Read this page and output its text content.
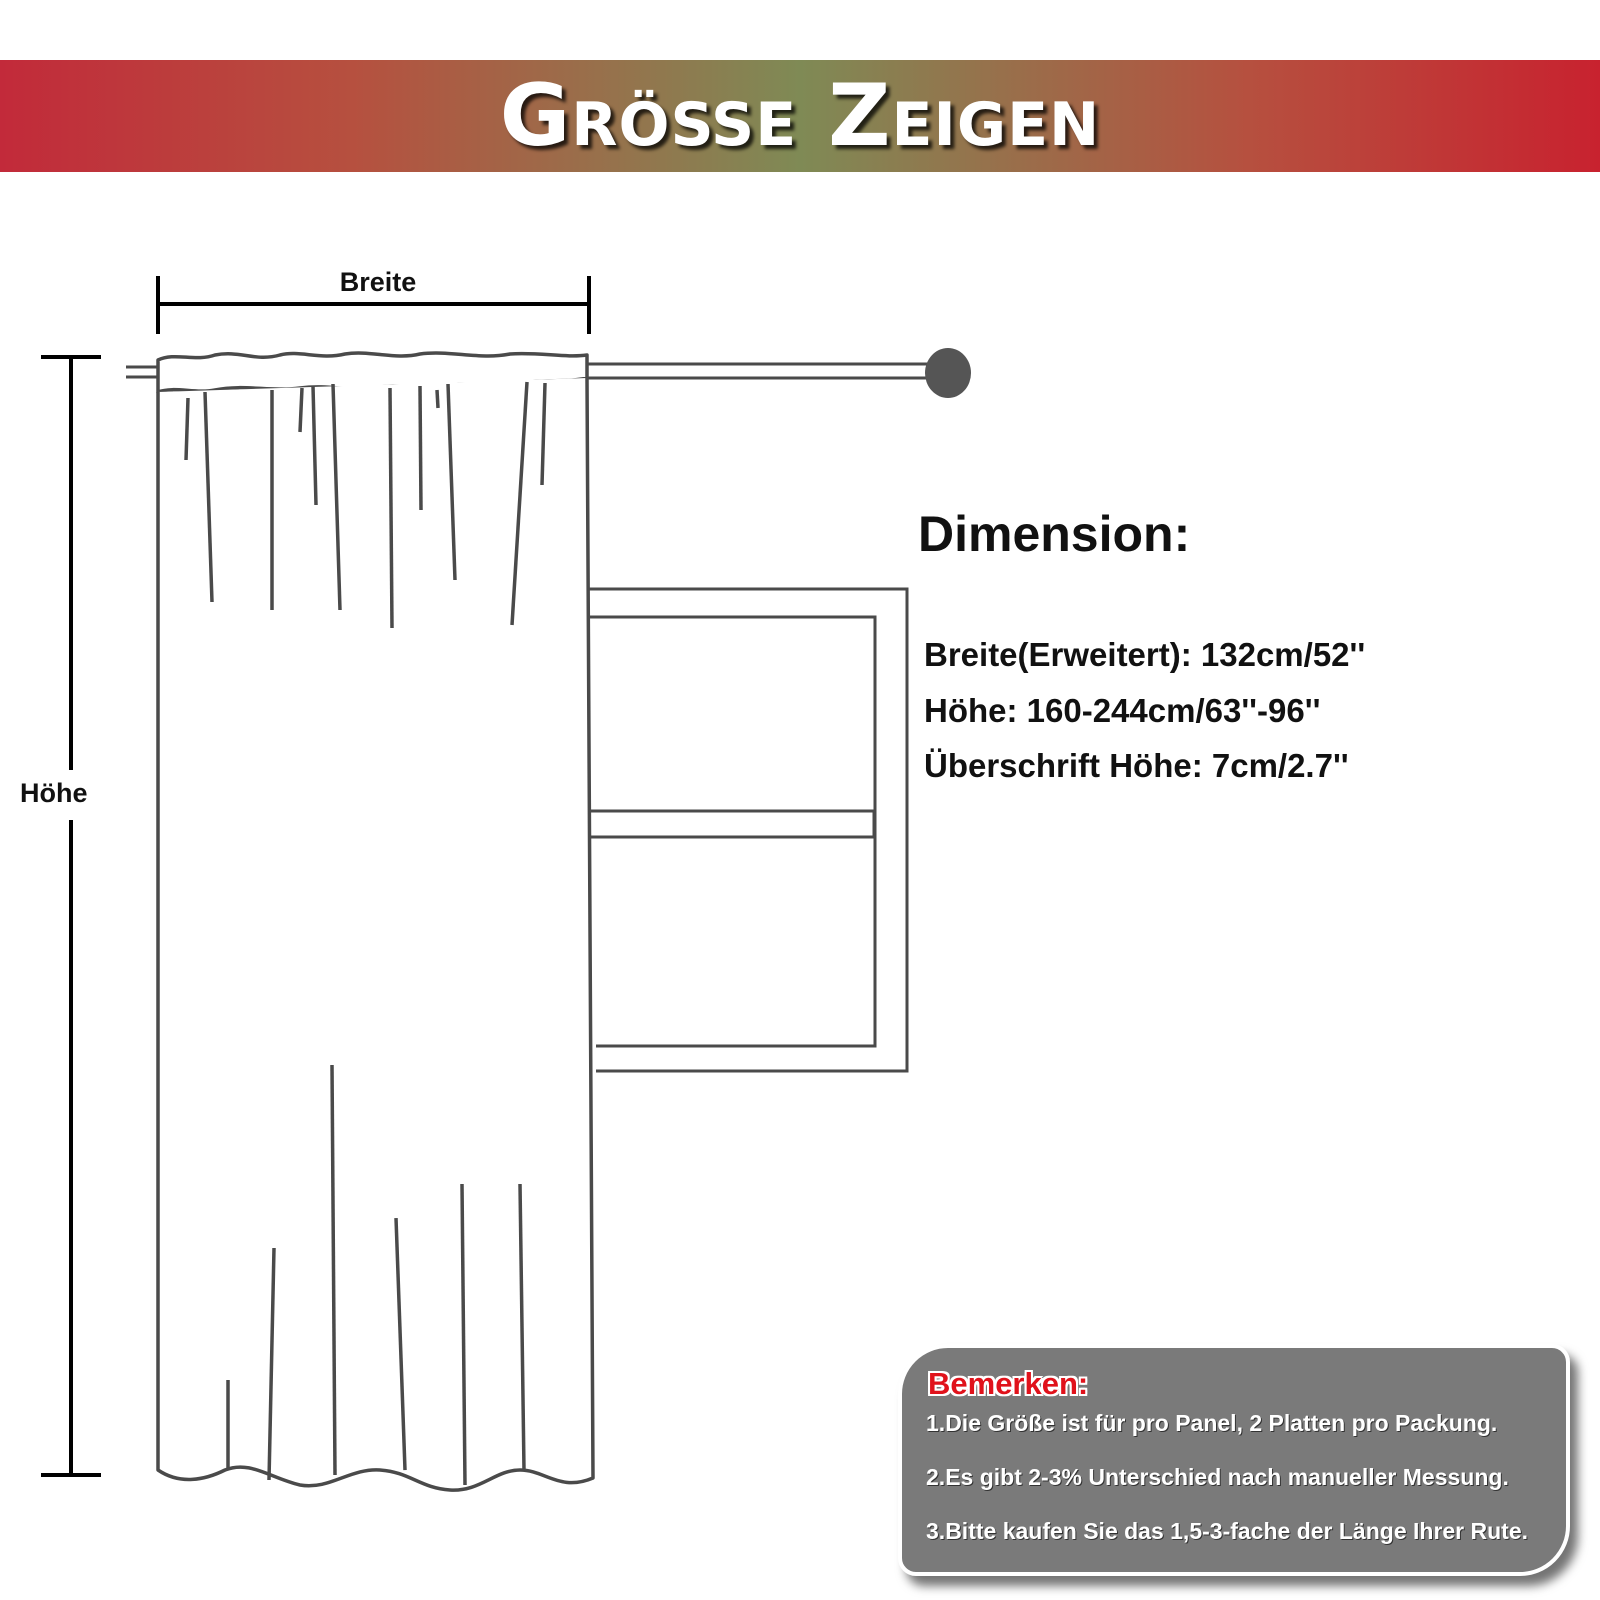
Größe Zeigen
Breite
Höhe
Dimension:
Breite(Erweitert): 132cm/52''
Höhe: 160-244cm/63''-96''
Überschrift Höhe: 7cm/2.7''
Bemerken:
1. Die Größe ist für pro Panel, 2 Platten pro Packung.
2. Es gibt 2-3% Unterschied nach manueller Messung.
3. Bitte kaufen Sie das 1,5-3-fache der Länge Ihrer Rute.
